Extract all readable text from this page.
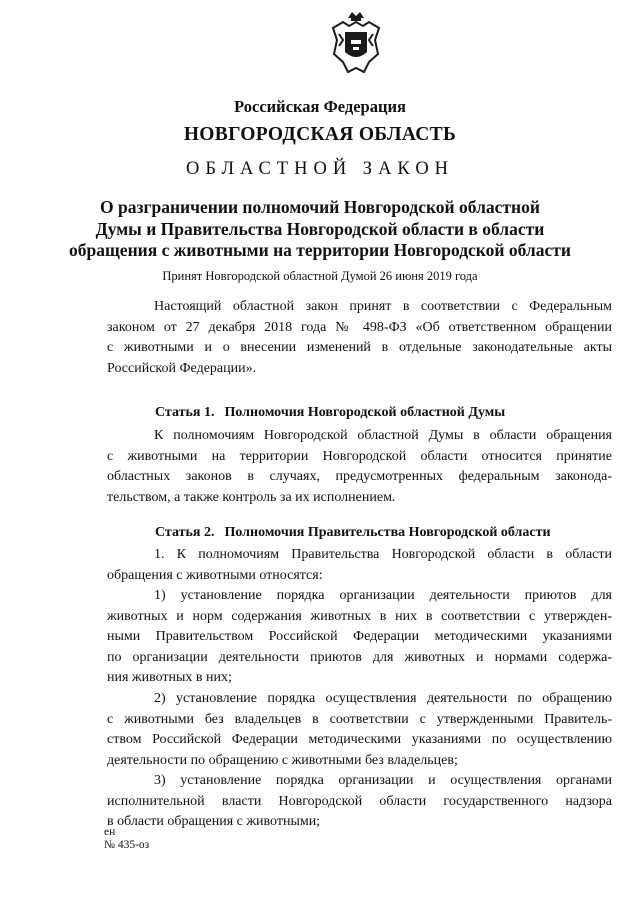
Российская Федерация
НОВГОРОДСКАЯ ОБЛАСТЬ
ОБЛАСТНОЙ ЗАКОН
О разграничении полномочий Новгородской областной
Думы и Правительства Новгородской области в области
обращения с животными на территории Новгородской области
Принят Новгородской областной Думой 26 июня 2019 года
Настоящий областной закон принят в соответствии с Федеральным
законом от 27 декабря 2018 года № 498-ФЗ «Об ответственном обращении
с животными и о внесении изменений в отдельные законодательные акты
Российской Федерации».
Статья 1. Полномочия Новгородской областной Думы
К полномочиям Новгородской областной Думы в области обращения
с животными на территории Новгородской области относится принятие
областных законов в случаях, предусмотренных федеральным законода-
тельством, а также контроль за их исполнением.
Статья 2. Полномочия Правительства Новгородской области
1. К полномочиям Правительства Новгородской области в области
обращения с животными относятся:
1) установление порядка организации деятельности приютов для
животных и норм содержания животных в них в соответствии с утвержден-
ными Правительством Российской Федерации методическими указаниями
по организации деятельности приютов для животных и нормами содержа-
ния животных в них;
2) установление порядка осуществления деятельности по обращению
с животными без владельцев в соответствии с утвержденными Правитель-
ством Российской Федерации методическими указаниями по осуществлению
деятельности по обращению с животными без владельцев;
3) установление порядка организации и осуществления органами
исполнительной власти Новгородской области государственного надзора
в области обращения с животными;
ен
№ 435-оз
